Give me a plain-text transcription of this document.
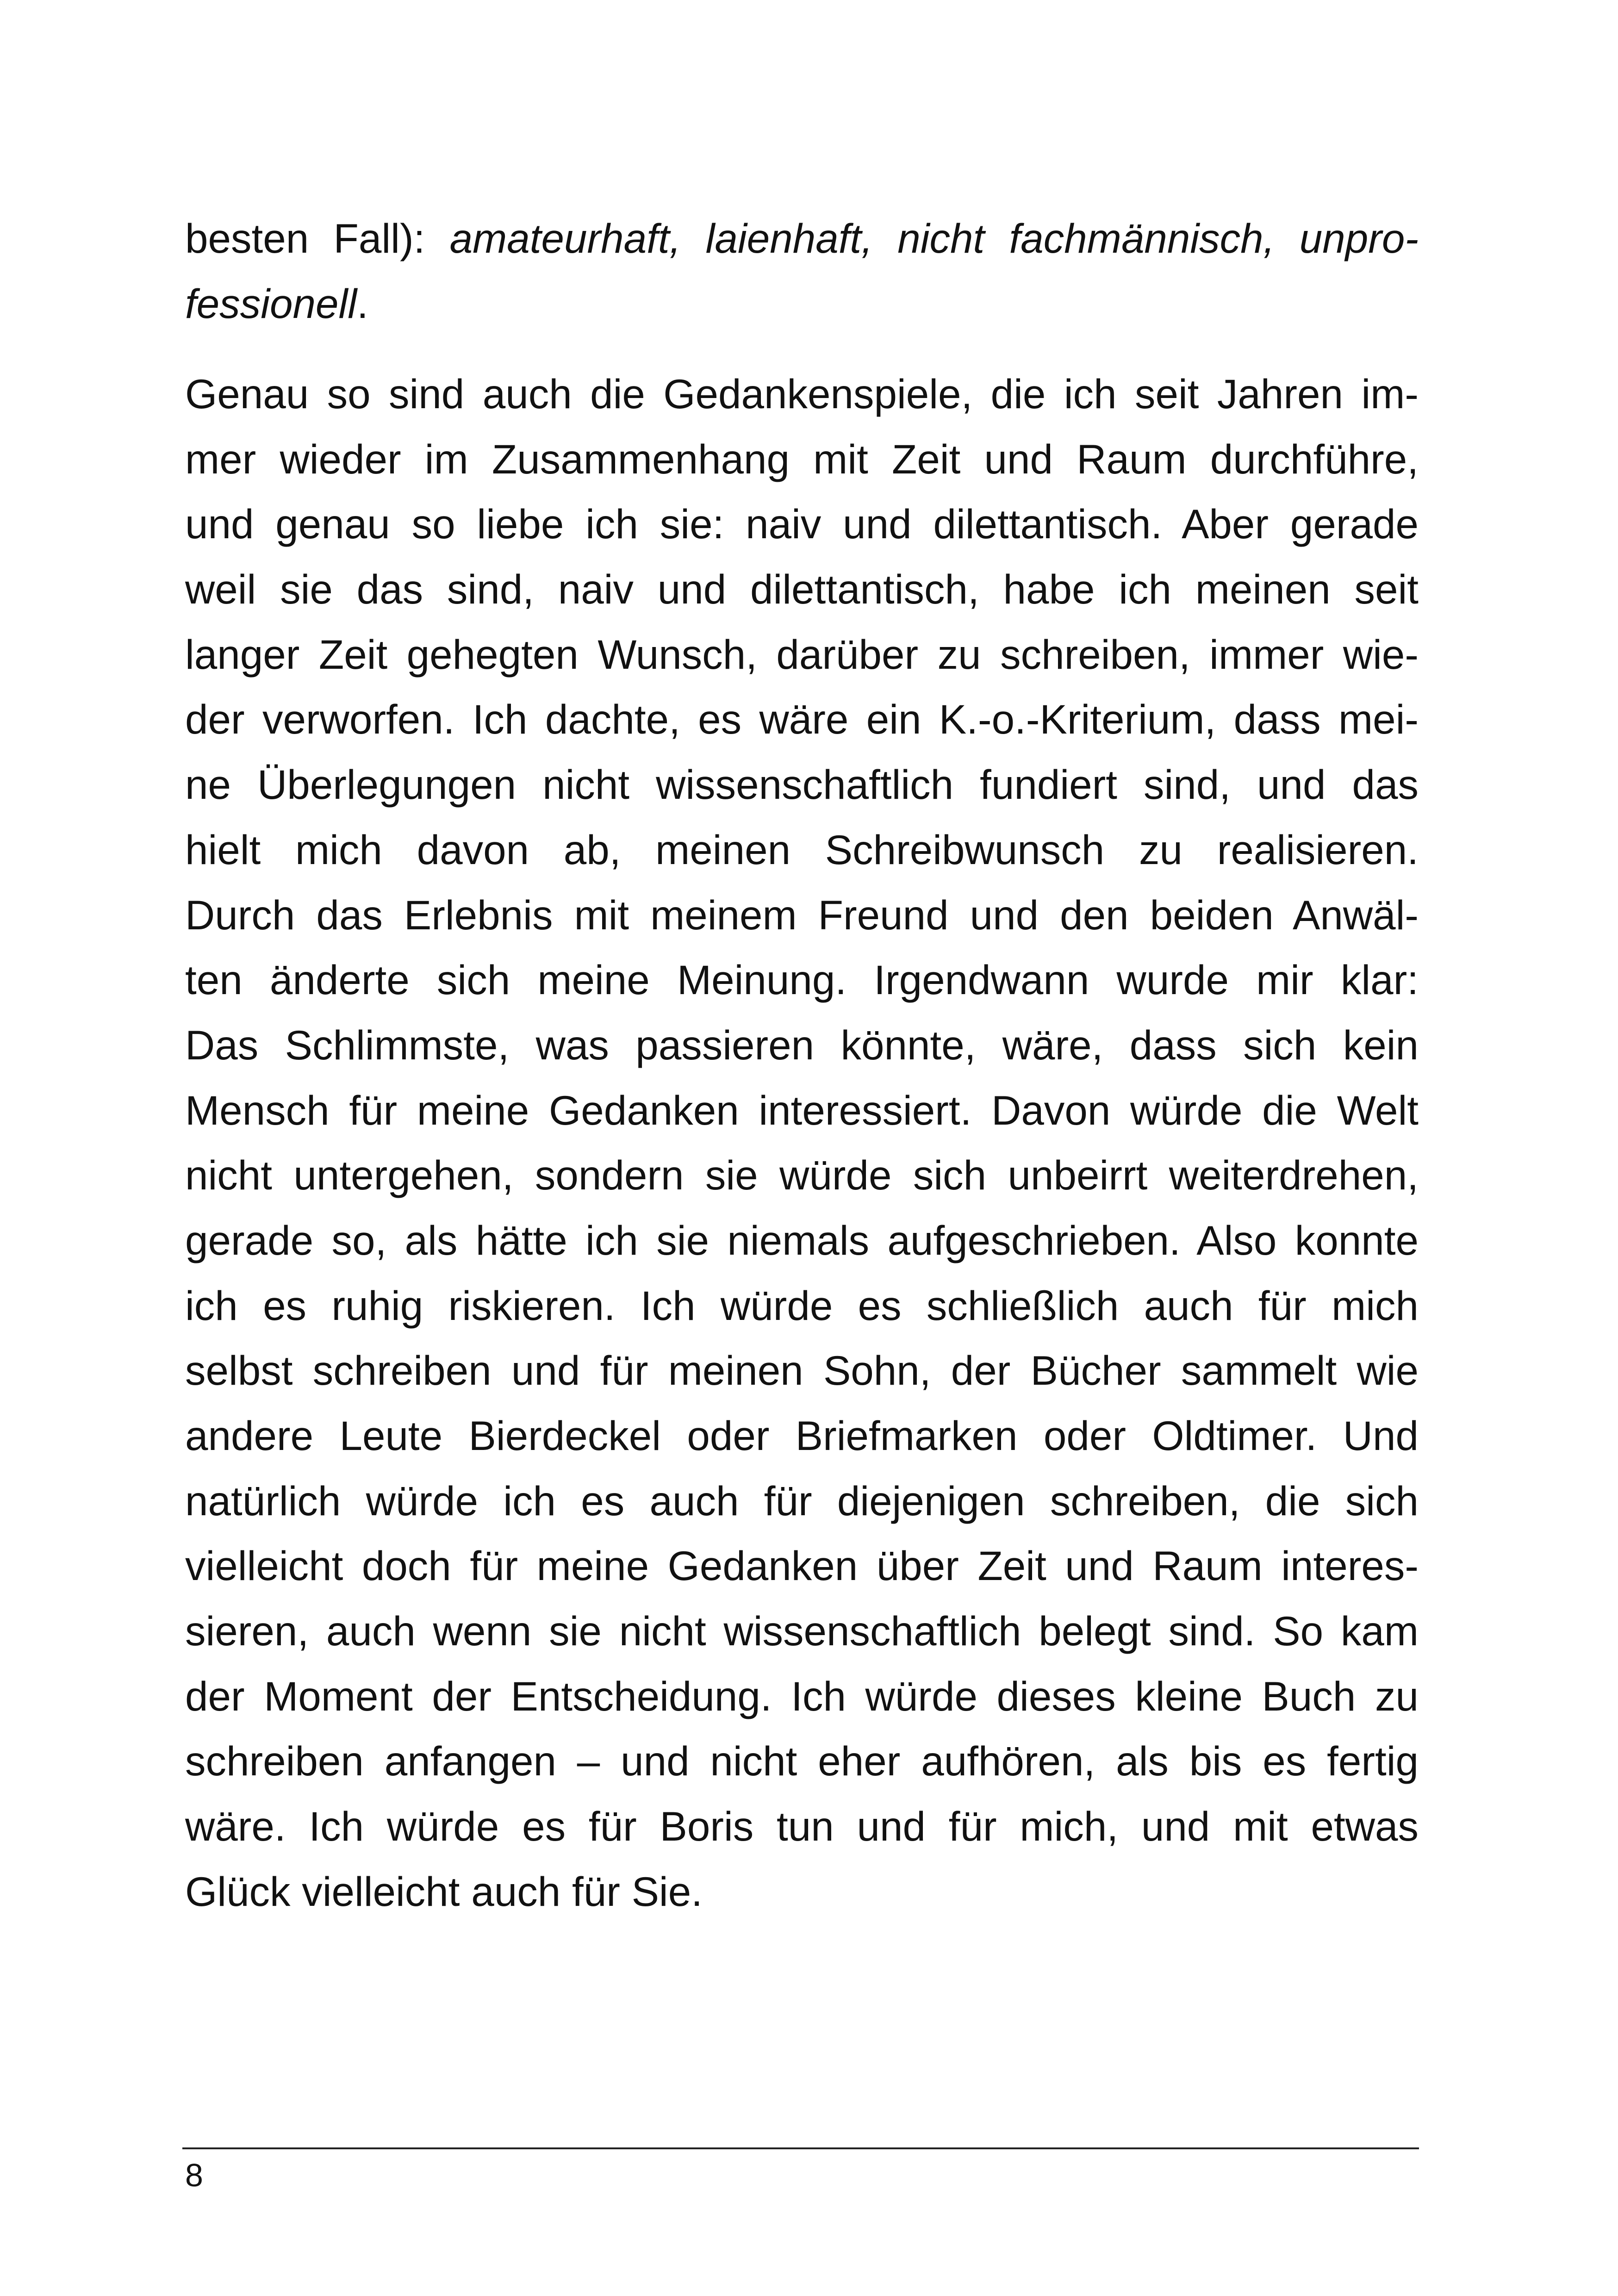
besten Fall): amateurhaft, laienhaft, nicht fachmännisch, unpro-
fessionell.
Genau so sind auch die Gedankenspiele, die ich seit Jahren im-
mer wieder im Zusammenhang mit Zeit und Raum durchführe,
und genau so liebe ich sie: naiv und dilettantisch. Aber gerade
weil sie das sind, naiv und dilettantisch, habe ich meinen seit
langer Zeit gehegten Wunsch, darüber zu schreiben, immer wie-
der verworfen. Ich dachte, es wäre ein K.-o.-Kriterium, dass mei-
ne Überlegungen nicht wissenschaftlich fundiert sind, und das
hielt mich davon ab, meinen Schreibwunsch zu realisieren.
Durch das Erlebnis mit meinem Freund und den beiden Anwäl-
ten änderte sich meine Meinung. Irgendwann wurde mir klar:
Das Schlimmste, was passieren könnte, wäre, dass sich kein
Mensch für meine Gedanken interessiert. Davon würde die Welt
nicht untergehen, sondern sie würde sich unbeirrt weiterdrehen,
gerade so, als hätte ich sie niemals aufgeschrieben. Also konnte
ich es ruhig riskieren. Ich würde es schließlich auch für mich
selbst schreiben und für meinen Sohn, der Bücher sammelt wie
andere Leute Bierdeckel oder Briefmarken oder Oldtimer. Und
natürlich würde ich es auch für diejenigen schreiben, die sich
vielleicht doch für meine Gedanken über Zeit und Raum interes-
sieren, auch wenn sie nicht wissenschaftlich belegt sind. So kam
der Moment der Entscheidung. Ich würde dieses kleine Buch zu
schreiben anfangen – und nicht eher aufhören, als bis es fertig
wäre. Ich würde es für Boris tun und für mich, und mit etwas
Glück vielleicht auch für Sie.
8
